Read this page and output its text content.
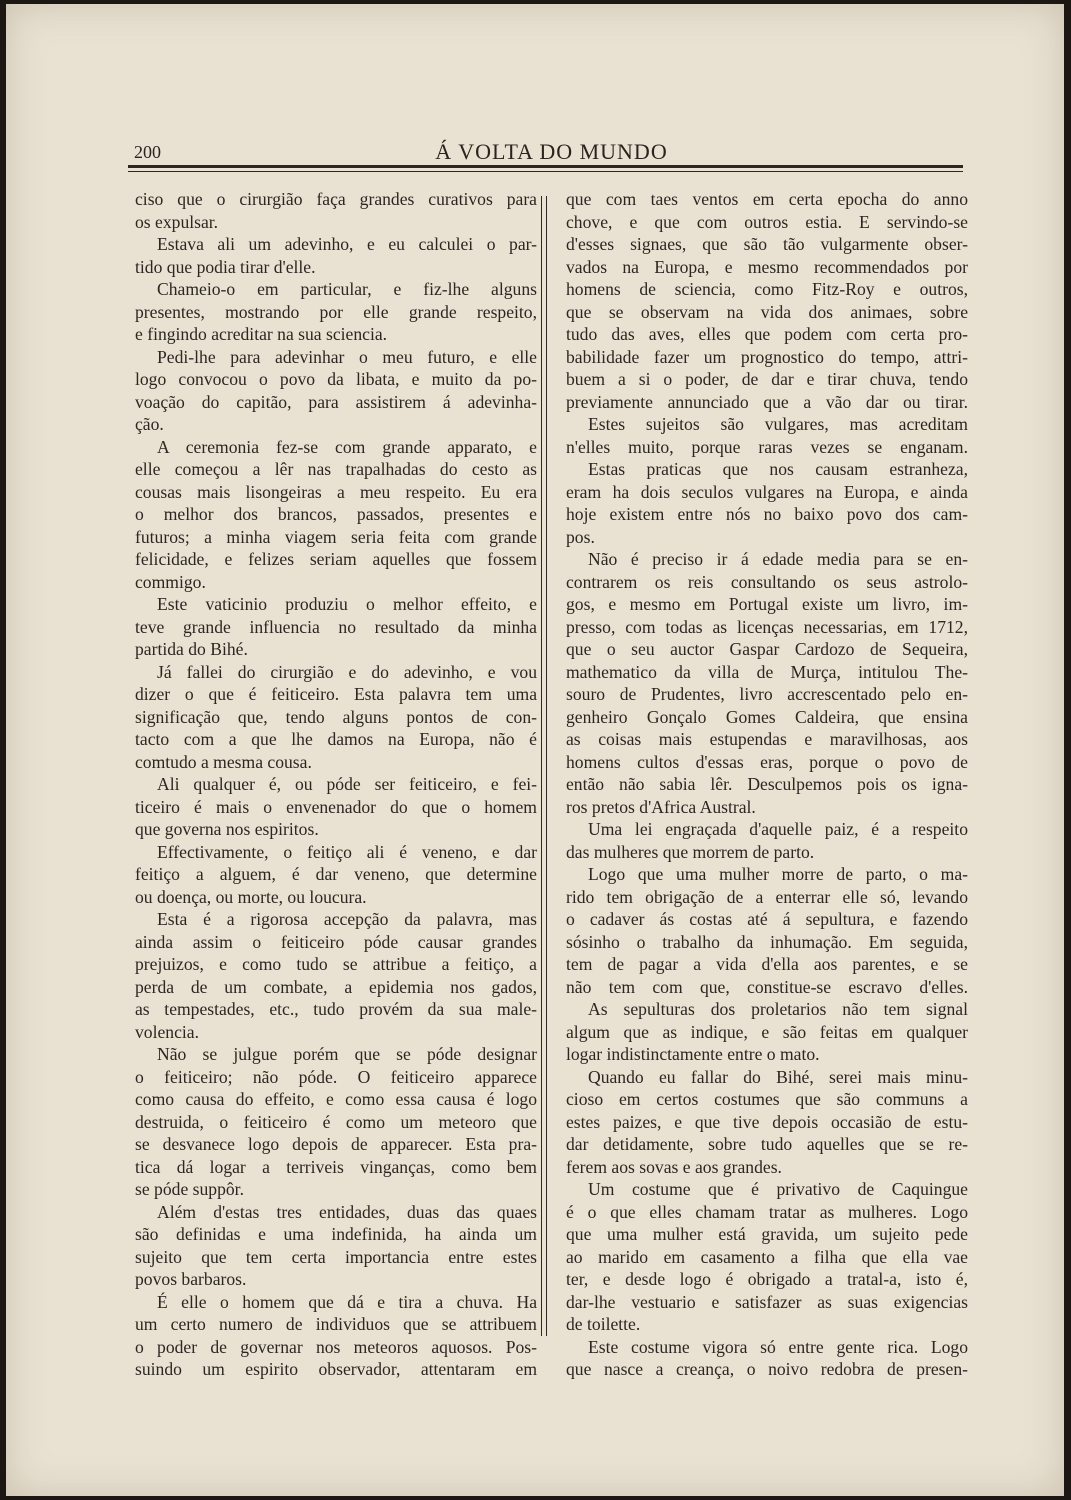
200	Á VOLTA DO MUNDO
ciso que o cirurgião faça grandes curativos para
os expulsar.
Estava ali um adevinho, e eu calculei o par-
tido que podia tirar d'elle.
Chameio-o em particular, e fiz-lhe alguns
presentes, mostrando por elle grande respeito,
e fingindo acreditar na sua sciencia.
Pedi-lhe para adevinhar o meu futuro, e elle
logo convocou o povo da libata, e muito da po-
voação do capitão, para assistirem á adevinha-
ção.
A ceremonia fez-se com grande apparato, e
elle começou a lêr nas trapalhadas do cesto as
cousas mais lisongeiras a meu respeito. Eu era
o melhor dos brancos, passados, presentes e
futuros; a minha viagem seria feita com grande
felicidade, e felizes seriam aquelles que fossem
commigo.
Este vaticinio produziu o melhor effeito, e
teve grande influencia no resultado da minha
partida do Bihé.
Já fallei do cirurgião e do adevinho, e vou
dizer o que é feiticeiro. Esta palavra tem uma
significação que, tendo alguns pontos de con-
tacto com a que lhe damos na Europa, não é
comtudo a mesma cousa.
Ali qualquer é, ou póde ser feiticeiro, e fei-
ticeiro é mais o envenenador do que o homem
que governa nos espiritos.
Effectivamente, o feitiço ali é veneno, e dar
feitiço a alguem, é dar veneno, que determine
ou doença, ou morte, ou loucura.
Esta é a rigorosa accepção da palavra, mas
ainda assim o feiticeiro póde causar grandes
prejuizos, e como tudo se attribue a feitiço, a
perda de um combate, a epidemia nos gados,
as tempestades, etc., tudo provém da sua male-
volencia.
Não se julgue porém que se póde designar
o feiticeiro; não póde. O feiticeiro apparece
como causa do effeito, e como essa causa é logo
destruida, o feiticeiro é como um meteoro que
se desvanece logo depois de apparecer. Esta pra-
tica dá logar a terriveis vinganças, como bem
se póde suppôr.
Além d'estas tres entidades, duas das quaes
são definidas e uma indefinida, ha ainda um
sujeito que tem certa importancia entre estes
povos barbaros.
É elle o homem que dá e tira a chuva. Ha
um certo numero de individuos que se attribuem
o poder de governar nos meteoros aquosos. Pos-
suindo um espirito observador, attentaram em
que com taes ventos em certa epocha do anno
chove, e que com outros estia. E servindo-se
d'esses signaes, que são tão vulgarmente obser-
vados na Europa, e mesmo recommendados por
homens de sciencia, como Fitz-Roy e outros,
que se observam na vida dos animaes, sobre
tudo das aves, elles que podem com certa pro-
babilidade fazer um prognostico do tempo, attri-
buem a si o poder, de dar e tirar chuva, tendo
previamente annunciado que a vão dar ou tirar.
Estes sujeitos são vulgares, mas acreditam
n'elles muito, porque raras vezes se enganam.
Estas praticas que nos causam estranheza,
eram ha dois seculos vulgares na Europa, e ainda
hoje existem entre nós no baixo povo dos cam-
pos.
Não é preciso ir á edade media para se en-
contrarem os reis consultando os seus astrolo-
gos, e mesmo em Portugal existe um livro, im-
presso, com todas as licenças necessarias, em 1712,
que o seu auctor Gaspar Cardozo de Sequeira,
mathematico da villa de Murça, intitulou The-
souro de Prudentes, livro accrescentado pelo en-
genheiro Gonçalo Gomes Caldeira, que ensina
as coisas mais estupendas e maravilhosas, aos
homens cultos d'essas eras, porque o povo de
então não sabia lêr. Desculpemos pois os igna-
ros pretos d'Africa Austral.
Uma lei engraçada d'aquelle paiz, é a respeito
das mulheres que morrem de parto.
Logo que uma mulher morre de parto, o ma-
rido tem obrigação de a enterrar elle só, levando
o cadaver ás costas até á sepultura, e fazendo
sósinho o trabalho da inhumação. Em seguida,
tem de pagar a vida d'ella aos parentes, e se
não tem com que, constitue-se escravo d'elles.
As sepulturas dos proletarios não tem signal
algum que as indique, e são feitas em qualquer
logar indistinctamente entre o mato.
Quando eu fallar do Bihé, serei mais minu-
cioso em certos costumes que são communs a
estes paizes, e que tive depois occasião de estu-
dar detidamente, sobre tudo aquelles que se re-
ferem aos sovas e aos grandes.
Um costume que é privativo de Caquingue
é o que elles chamam tratar as mulheres. Logo
que uma mulher está gravida, um sujeito pede
ao marido em casamento a filha que ella vae
ter, e desde logo é obrigado a tratal-a, isto é,
dar-lhe vestuario e satisfazer as suas exigencias
de toilette.
Este costume vigora só entre gente rica. Logo
que nasce a creança, o noivo redobra de presen-
